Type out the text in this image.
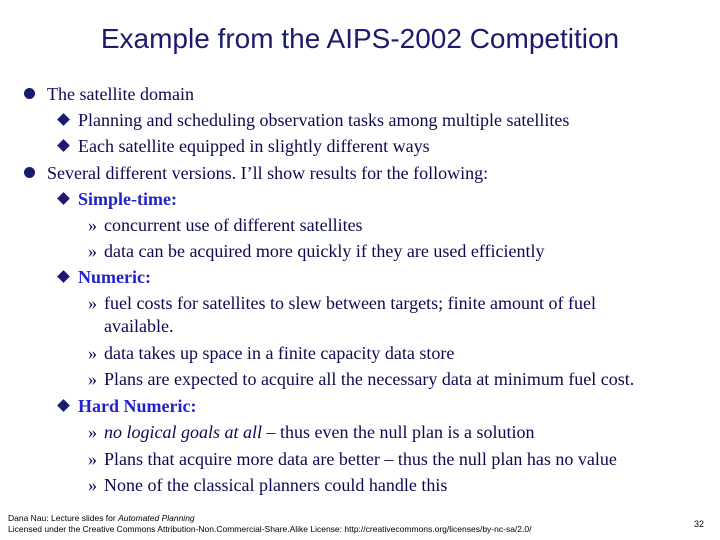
Example from the AIPS-2002 Competition
The satellite domain
Planning and scheduling observation tasks among multiple satellites
Each satellite equipped in slightly different ways
Several different versions. I’ll show results for the following:
Simple-time:
» concurrent use of different satellites
» data can be acquired more quickly if they are used efficiently
Numeric:
» fuel costs for satellites to slew between targets; finite amount of fuel
available.
» data takes up space in a finite capacity data store
» Plans are expected to acquire all the necessary data at minimum fuel cost.
Hard Numeric:
» no logical goals at all – thus even the null plan is a solution
» Plans that acquire more data are better – thus the null plan has no value
» None of the classical planners could handle this
Dana Nau: Lecture slides for Automated Planning
Licensed under the Creative Commons Attribution-Non.Commercial-Share.Alike License: http://creativecommons.org/licenses/by-nc-sa/2.0/	32
